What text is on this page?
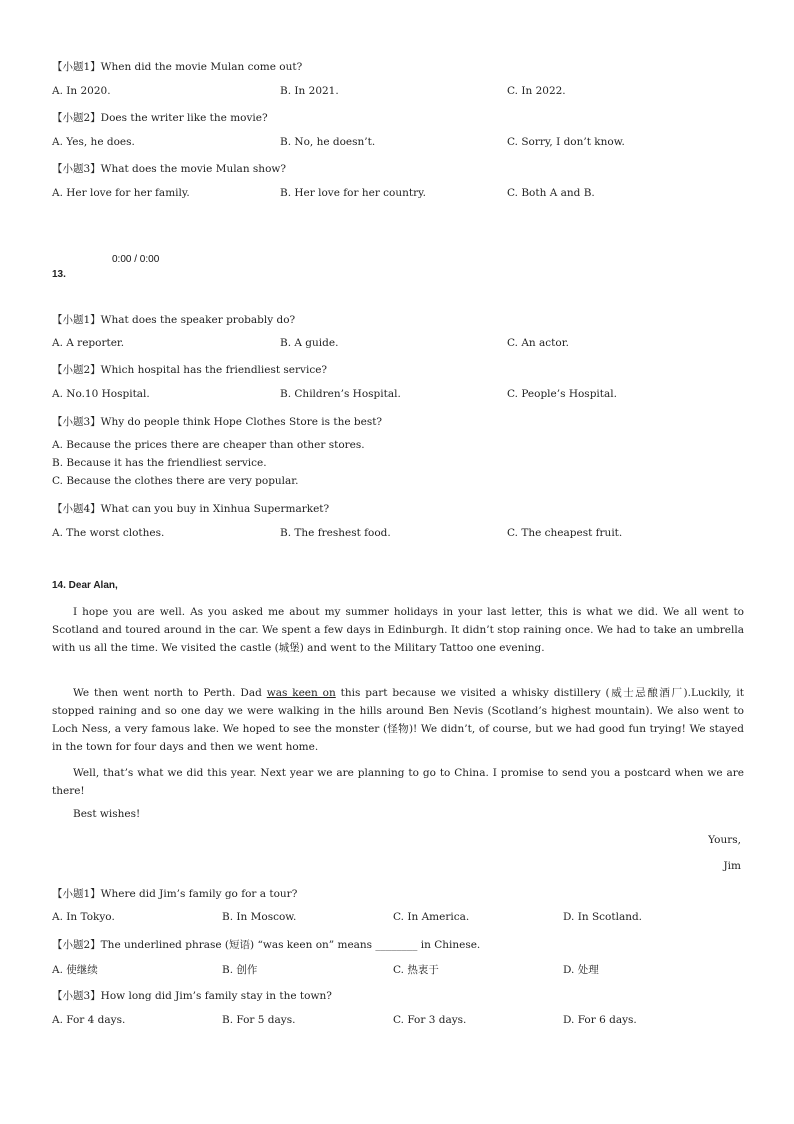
【小题1】When did the movie Mulan come out?
A. In 2020.	B. In 2021.	C. In 2022.
【小题2】Does the writer like the movie?
A. Yes, he does.	B. No, he doesn’t.	C. Sorry, I don’t know.
【小题3】What does the movie Mulan show?
A. Her love for her family.	B. Her love for her country.	C. Both A and B.
0:00 / 0:00
13.
【小题1】What does the speaker probably do?
A. A reporter.	B. A guide.	C. An actor.
【小题2】Which hospital has the friendliest service?
A. No.10 Hospital.	B. Children’s Hospital.	C. People’s Hospital.
【小题3】Why do people think Hope Clothes Store is the best?
A. Because the prices there are cheaper than other stores.
B. Because it has the friendliest service.
C. Because the clothes there are very popular.
【小题4】What can you buy in Xinhua Supermarket?
A. The worst clothes.	B. The freshest food.	C. The cheapest fruit.
14. Dear Alan,
I hope you are well. As you asked me about my summer holidays in your last letter, this is what we did. We all went to Scotland and toured around in the car. We spent a few days in Edinburgh. It didn’t stop raining once. We had to take an umbrella with us all the time. We visited the castle (城堡) and went to the Military Tattoo one evening.
We then went north to Perth. Dad was keen on this part because we visited a whisky distillery (威士忌酿酒厂).Luckily, it stopped raining and so one day we were walking in the hills around Ben Nevis (Scotland’s highest mountain). We also went to Loch Ness, a very famous lake. We hoped to see the monster (怪物)! We didn’t, of course, but we had good fun trying! We stayed in the town for four days and then we went home.
Well, that’s what we did this year. Next year we are planning to go to China. I promise to send you a postcard when we are there!
Best wishes!
Yours,
Jim
【小题1】Where did Jim’s family go for a tour?
A. In Tokyo.	B. In Moscow.	C. In America.	D. In Scotland.
【小题2】The underlined phrase (短语) “was keen on” means ________ in Chinese.
A. 使继续	B. 创作	C. 热衷于	D. 处理
【小题3】How long did Jim’s family stay in the town?
A. For 4 days.	B. For 5 days.	C. For 3 days.	D. For 6 days.
